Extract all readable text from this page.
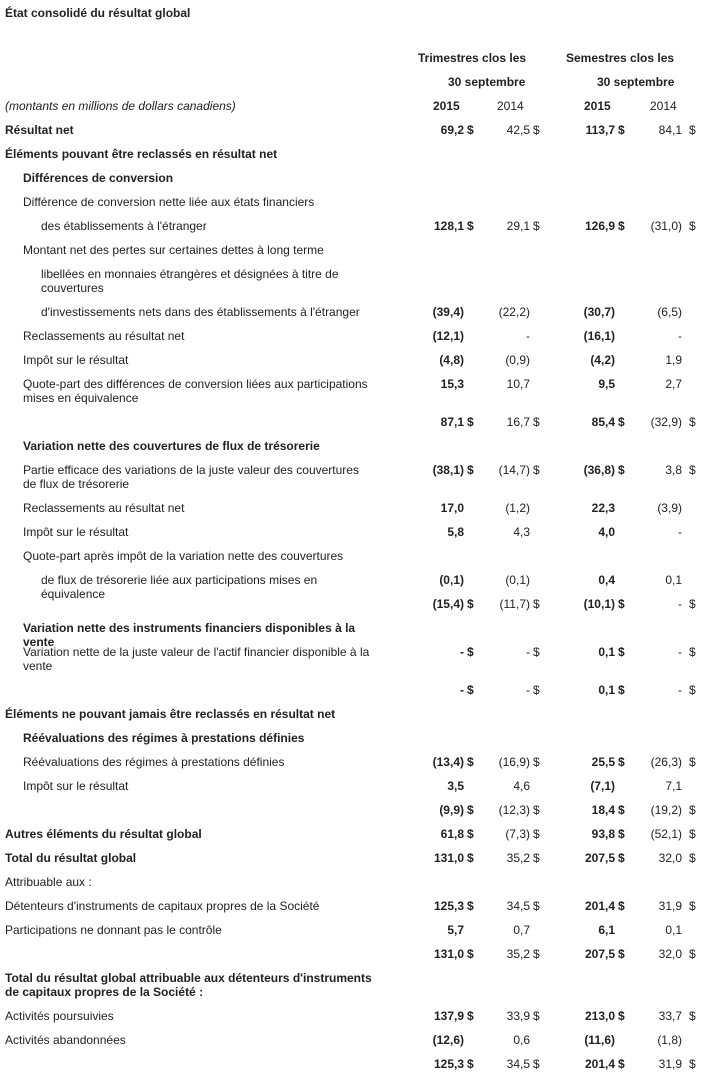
État consolidé du résultat global
Trimestres clos les
30 septembre
Semestres clos les
30 septembre
(montants en millions de dollars canadiens)	2015	2014	2015	2014
Résultat net	69,2 $	42,5 $	113,7 $	84,1 $
Éléments pouvant être reclassés en résultat net
Différences de conversion
Différence de conversion nette liée aux états financiers
des établissements à l'étranger	128,1 $	29,1 $	126,9 $ (31,0) $
Montant net des pertes sur certaines dettes à long terme
libellées en monnaies étrangères et désignées à titre de couvertures
d'investissements nets dans des établissements à l'étranger	(39,4)	(22,2)	(30,7)	(6,5)
Reclassements au résultat net	(12,1)	-	(16,1)	-
Impôt sur le résultat	(4,8)	(0,9)	(4,2)	1,9
Quote-part des différences de conversion liées aux participations mises en équivalence
15,3	10,7	9,5	2,7
87,1 $	16,7 $	85,4 $ (32,9) $
Variation nette des couvertures de flux de trésorerie
Partie efficace des variations de la juste valeur des couvertures de flux de trésorerie
(38,1) $ (14,7) $	(36,8) $	3,8 $
Reclassements au résultat net	17,0	(1,2)	22,3	(3,9)
Impôt sur le résultat	5,8	4,3	4,0	-
Quote-part après impôt de la variation nette des couvertures
de flux de trésorerie liée aux participations mises en équivalence
(0,1)	(0,1)	0,4	0,1
(15,4) $ (11,7) $	(10,1) $	- $
Variation nette des instruments financiers disponibles à la vente
Variation nette de la juste valeur de l'actif financier disponible à la vente
- $	- $	0,1 $	- $
- $	- $	0,1 $	- $
Éléments ne pouvant jamais être reclassés en résultat net
Réévaluations des régimes à prestations définies
Réévaluations des régimes à prestations définies	(13,4) $ (16,9) $	25,5 $ (26,3) $
Impôt sur le résultat	3,5	4,6	(7,1)	7,1
(9,9) $ (12,3) $	18,4 $ (19,2) $
Autres éléments du résultat global	61,8 $	(7,3) $	93,8 $ (52,1) $
Total du résultat global	131,0 $	35,2 $	207,5 $	32,0 $
Attribuable aux :
Détenteurs d'instruments de capitaux propres de la Société	125,3 $	34,5 $	201,4 $	31,9 $
Participations ne donnant pas le contrôle	5,7	0,7	6,1	0,1
131,0 $	35,2 $	207,5 $	32,0 $
Total du résultat global attribuable aux détenteurs d'instruments de capitaux propres de la Société :
Activités poursuivies	137,9 $	33,9 $	213,0 $	33,7 $
Activités abandonnées	(12,6)	0,6	(11,6)	(1,8)
125,3 $	34,5 $	201,4 $	31,9 $
